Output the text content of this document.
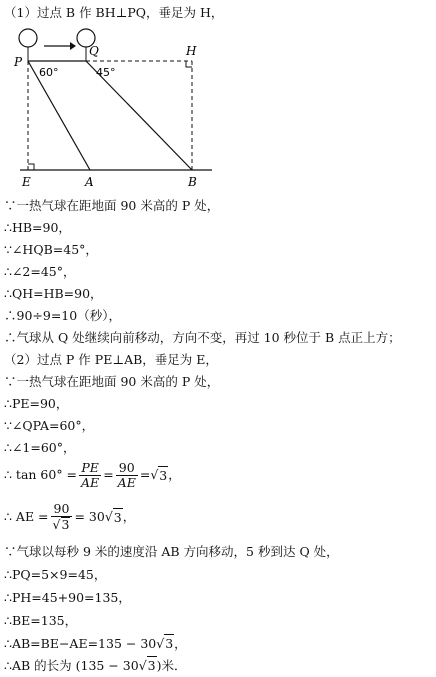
（1）过点 B 作 BH⊥PQ，垂足为 H，
P
Q	H
60°	45°
E	A	B
∵一热气球在距地面 90 米高的 P 处，
∴HB=90，
∵∠HQB=45°，
∴∠2=45°，
∴QH=HB=90，
∴90÷9=10（秒），
∴气球从 Q 处继续向前移动，方向不变，再过 10 秒位于 B 点正上方；
（2）过点 P 作 PE⊥AB，垂足为 E，
∵一热气球在距地面 90 米高的 P 处，
∴PE=90，
∵∠QPA=60°，
∴∠1=60°，
∴ $\tan 60^\circ = \frac{PE}{AE} = \frac{90}{AE}$ = √ 3 ，
∴ AE = $\frac{90}{√3} = 30$ √ 3 ，
∵气球以每秒 9 米的速度沿 AB 方向移动，5 秒到达 Q 处，
∴PQ=5×9=45，
∴PH=45+90=135，
∴BE=135，
∴AB=BE−AE=135 − 30√3，
∴AB 的长为 (135 − 30√3)米．
